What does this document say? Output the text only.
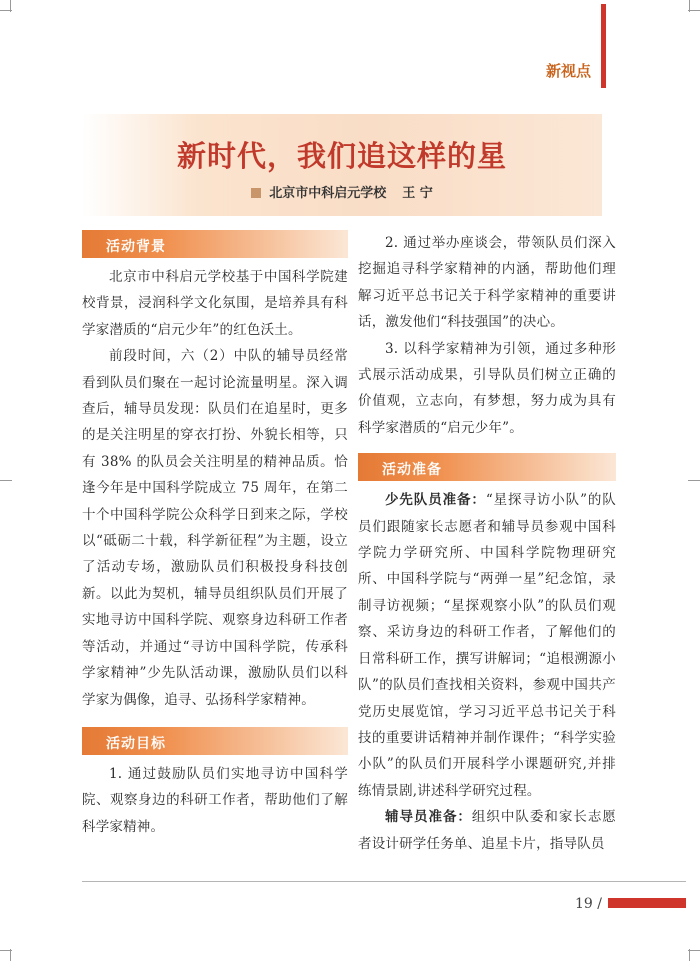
新视点
新时代，我们追这样的星
北京市中科启元学校 王 宁
活动背景

北京市中科启元学校基于中国科学院建校背景，浸润科学文化氛围，是培养具有科学家潜质的“启元少年”的红色沃土。

前段时间，六（2）中队的辅导员经常看到队员们聚在一起讨论流量明星。深入调查后，辅导员发现：队员们在追星时，更多的是关注明星的穿衣打扮、外貌长相等，只有 38% 的队员会关注明星的精神品质。恰逢今年是中国科学院成立 75 周年，在第二十个中国科学院公众科学日到来之际，学校以“砥砺二十载，科学新征程”为主题，设立了活动专场，激励队员们积极投身科技创新。以此为契机，辅导员组织队员们开展了实地寻访中国科学院、观察身边科研工作者等活动，并通过“寻访中国科学院，传承科学家精神”少先队活动课，激励队员们以科学家为偶像，追寻、弘扬科学家精神。

活动目标

1. 通过鼓励队员们实地寻访中国科学院、观察身边的科研工作者，帮助他们了解科学家精神。

2. 通过举办座谈会，带领队员们深入挖掘追寻科学家精神的内涵，帮助他们理解习近平总书记关于科学家精神的重要讲话，激发他们“科技强国”的决心。

3. 以科学家精神为引领，通过多种形式展示活动成果，引导队员们树立正确的价值观，立志向，有梦想，努力成为具有科学家潜质的“启元少年”。

活动准备

少先队员准备：“星探寻访小队”的队员们跟随家长志愿者和辅导员参观中国科学院力学研究所、中国科学院物理研究所、中国科学院与“两弹一星”纪念馆，录制寻访视频；“星探观察小队”的队员们观察、采访身边的科研工作者，了解他们的日常科研工作，撰写讲解词；“追根溯源小队”的队员们查找相关资料，参观中国共产党历史展览馆，学习习近平总书记关于科技的重要讲话精神并制作课件；“科学实验小队”的队员们开展科学小课题研究,并排练情景剧,讲述科学研究过程。

辅导员准备：组织中队委和家长志愿者设计研学任务单、追星卡片，指导队员

19 /
